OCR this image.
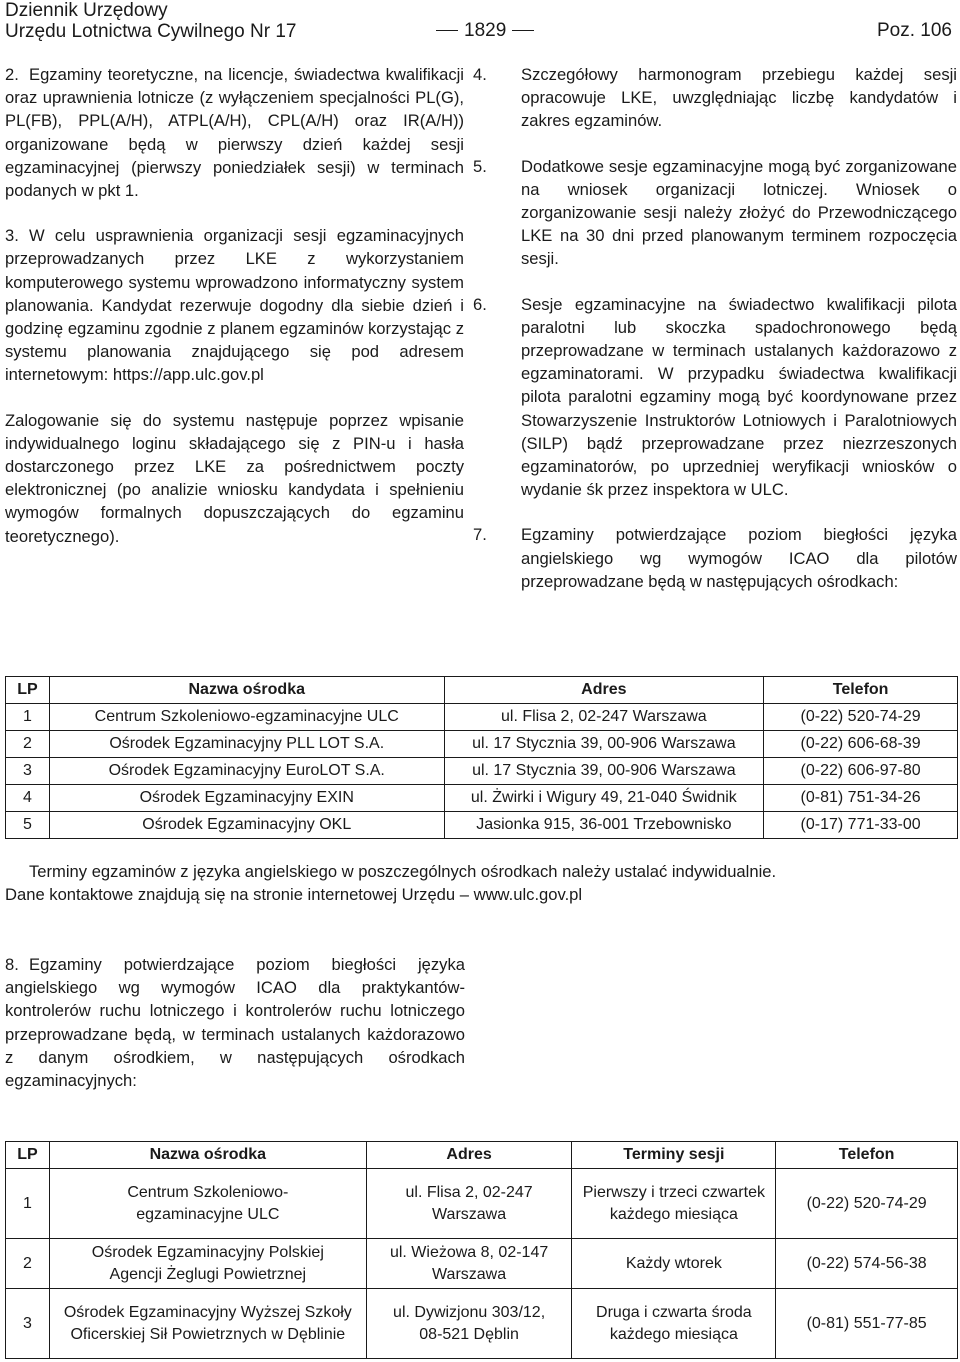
Dziennik Urzędowy
Urzędu Lotnictwa Cywilnego Nr 17	1829	Poz. 106

2. Egzaminy teoretyczne, na licencje, świadectwa kwalifikacji oraz uprawnienia lotnicze (z wyłączeniem specjalności PL(G), PL(FB), PPL(A/H), ATPL(A/H), CPL(A/H) oraz IR(A/H)) organizowane będą w pierwszy dzień każdej sesji egzaminacyjnej (pierwszy poniedziałek sesji) w terminach podanych w pkt 1.

3. W celu usprawnienia organizacji sesji egzaminacyjnych przeprowadzanych przez LKE z wykorzystaniem komputerowego systemu wprowadzono informatyczny system planowania. Kandydat rezerwuje dogodny dla siebie dzień i godzinę egzaminu zgodnie z planem egzaminów korzystając z systemu planowania znajdującego się pod adresem internetowym: https://app.ulc.gov.pl

Zalogowanie się do systemu następuje poprzez wpisanie indywidualnego loginu składającego się z PIN-u i hasła dostarczonego przez LKE za pośrednictwem poczty elektronicznej (po analizie wniosku kandydata i spełnieniu wymogów formalnych dopuszczających do egzaminu teoretycznego).

4. Szczegółowy harmonogram przebiegu każdej sesji opracowuje LKE, uwzględniając liczbę kandydatów i zakres egzaminów.

5. Dodatkowe sesje egzaminacyjne mogą być zorganizowane na wniosek organizacji lotniczej. Wniosek o zorganizowanie sesji należy złożyć do Przewodniczącego LKE na 30 dni przed planowanym terminem rozpoczęcia sesji.

6. Sesje egzaminacyjne na świadectwo kwalifikacji pilota paralotni lub skoczka spadochronowego będą przeprowadzane w terminach ustalanych każdorazowo z egzaminatorami. W przypadku świadectwa kwalifikacji pilota paralotni egzaminy mogą być koordynowane przez Stowarzyszenie Instruktorów Lotniowych i Paralotniowych (SILP) bądź przeprowadzane przez niezrzeszonych egzaminatorów, po uprzedniej weryfikacji wniosków o wydanie śk przez inspektora w ULC.

7. Egzaminy potwierdzające poziom biegłości języka angielskiego wg wymogów ICAO dla pilotów przeprowadzane będą w następujących ośrodkach:

LP	Nazwa ośrodka	Adres	Telefon
1	Centrum Szkoleniowo-egzaminacyjne ULC	ul. Flisa 2, 02-247 Warszawa	(0-22) 520-74-29
2	Ośrodek Egzaminacyjny PLL LOT S.A.	ul. 17 Stycznia 39, 00-906 Warszawa	(0-22) 606-68-39
3	Ośrodek Egzaminacyjny EuroLOT S.A.	ul. 17 Stycznia 39, 00-906 Warszawa	(0-22) 606-97-80
4	Ośrodek Egzaminacyjny EXIN	ul. Żwirki i Wigury 49, 21-040 Świdnik	(0-81) 751-34-26
5	Ośrodek Egzaminacyjny OKL	Jasionka 915, 36-001 Trzebownisko	(0-17) 771-33-00

Terminy egzaminów z języka angielskiego w poszczególnych ośrodkach należy ustalać indywidualnie.

Dane kontaktowe znajdują się na stronie internetowej Urzędu – www.ulc.gov.pl

8. Egzaminy potwierdzające poziom biegłości języka angielskiego wg wymogów ICAO dla praktykantów-kontrolerów ruchu lotniczego i kontrolerów ruchu lotniczego przeprowadzane będą, w terminach ustalanych każdorazowo z danym ośrodkiem, w następujących ośrodkach egzaminacyjnych:

LP	Nazwa ośrodka	Adres	Terminy sesji	Telefon
1	Centrum Szkoleniowo-egzaminacyjne ULC	ul. Flisa 2, 02-247 Warszawa	Pierwszy i trzeci czwartek każdego miesiąca	(0-22) 520-74-29
2	Ośrodek Egzaminacyjny Polskiej Agencji Żeglugi Powietrznej	ul. Wieżowa 8, 02-147 Warszawa	Każdy wtorek	(0-22) 574-56-38
3	Ośrodek Egzaminacyjny Wyższej Szkoły Oficerskiej Sił Powietrznych w Dęblinie	ul. Dywizjonu 303/12, 08-521 Dęblin	Druga i czwarta środa każdego miesiąca	(0-81) 551-77-85
